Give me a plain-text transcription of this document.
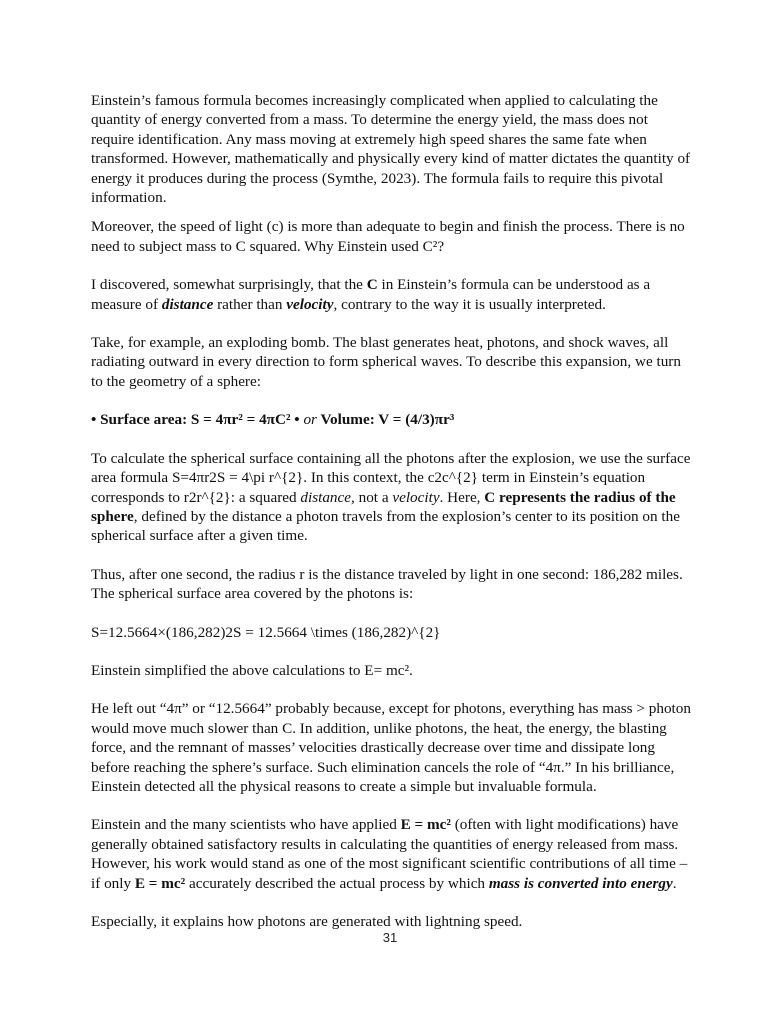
Einstein’s famous formula becomes increasingly complicated when applied to calculating the quantity of energy converted from a mass. To determine the energy yield, the mass does not require identification. Any mass moving at extremely high speed shares the same fate when transformed. However, mathematically and physically every kind of matter dictates the quantity of energy it produces during the process (Symthe, 2023). The formula fails to require this pivotal information.

Moreover, the speed of light (c) is more than adequate to begin and finish the process. There is no need to subject mass to C squared. Why Einstein used C²?

I discovered, somewhat surprisingly, that the C in Einstein’s formula can be understood as a measure of distance rather than velocity, contrary to the way it is usually interpreted.

Take, for example, an exploding bomb. The blast generates heat, photons, and shock waves, all radiating outward in every direction to form spherical waves. To describe this expansion, we turn to the geometry of a sphere:

• Surface area: S = 4πr² = 4πC² • or Volume: V = (4/3)πr³

To calculate the spherical surface containing all the photons after the explosion, we use the surface area formula S=4πr2S = 4\pi r^{2}. In this context, the c2c^{2} term in Einstein’s equation corresponds to r2r^{2}: a squared distance, not a velocity. Here, C represents the radius of the sphere, defined by the distance a photon travels from the explosion’s center to its position on the spherical surface after a given time.

Thus, after one second, the radius r is the distance traveled by light in one second: 186,282 miles. The spherical surface area covered by the photons is:

S=12.5664×(186,282)2S = 12.5664 \times (186,282)^{2}

Einstein simplified the above calculations to E= mc².

He left out “4π” or “12.5664” probably because, except for photons, everything has mass > photon would move much slower than C. In addition, unlike photons, the heat, the energy, the blasting force, and the remnant of masses’ velocities drastically decrease over time and dissipate long before reaching the sphere’s surface. Such elimination cancels the role of “4π.” In his brilliance, Einstein detected all the physical reasons to create a simple but invaluable formula.

Einstein and the many scientists who have applied E = mc² (often with light modifications) have generally obtained satisfactory results in calculating the quantities of energy released from mass. However, his work would stand as one of the most significant scientific contributions of all time – if only E = mc² accurately described the actual process by which mass is converted into energy.

Especially, it explains how photons are generated with lightning speed.

31
